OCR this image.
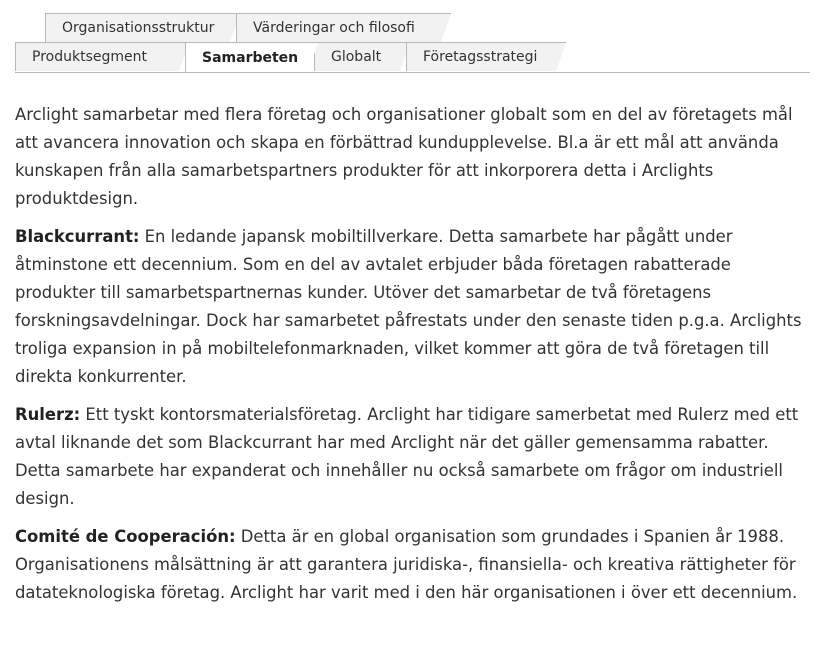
Organisationsstruktur	Värderingar och filosofi
Produktsegment	Samarbeten	Globalt	Företagsstrategi

Arclight samarbetar med flera företag och organisationer globalt som en del av företagets mål att avancera innovation och skapa en förbättrad kundupplevelse. Bl.a är ett mål att använda kunskapen från alla samarbetspartners produkter för att inkorporera detta i Arclights produktdesign.

Blackcurrant: En ledande japansk mobiltillverkare. Detta samarbete har pågått under åtminstone ett decennium. Som en del av avtalet erbjuder båda företagen rabatterade produkter till samarbetspartnernas kunder. Utöver det samarbetar de två företagens forskningsavdelningar. Dock har samarbetet påfrestats under den senaste tiden p.g.a. Arclights troliga expansion in på mobiltelefonmarknaden, vilket kommer att göra de två företagen till direkta konkurrenter.

Rulerz: Ett tyskt kontorsmaterialsföretag. Arclight har tidigare samerbetat med Rulerz med ett avtal liknande det som Blackcurrant har med Arclight när det gäller gemensamma rabatter. Detta samarbete har expanderat och innehåller nu också samarbete om frågor om industriell design.

Comité de Cooperación: Detta är en global organisation som grundades i Spanien år 1988. Organisationens målsättning är att garantera juridiska-, finansiella- och kreativa rättigheter för datateknologiska företag. Arclight har varit med i den här organisationen i över ett decennium.
